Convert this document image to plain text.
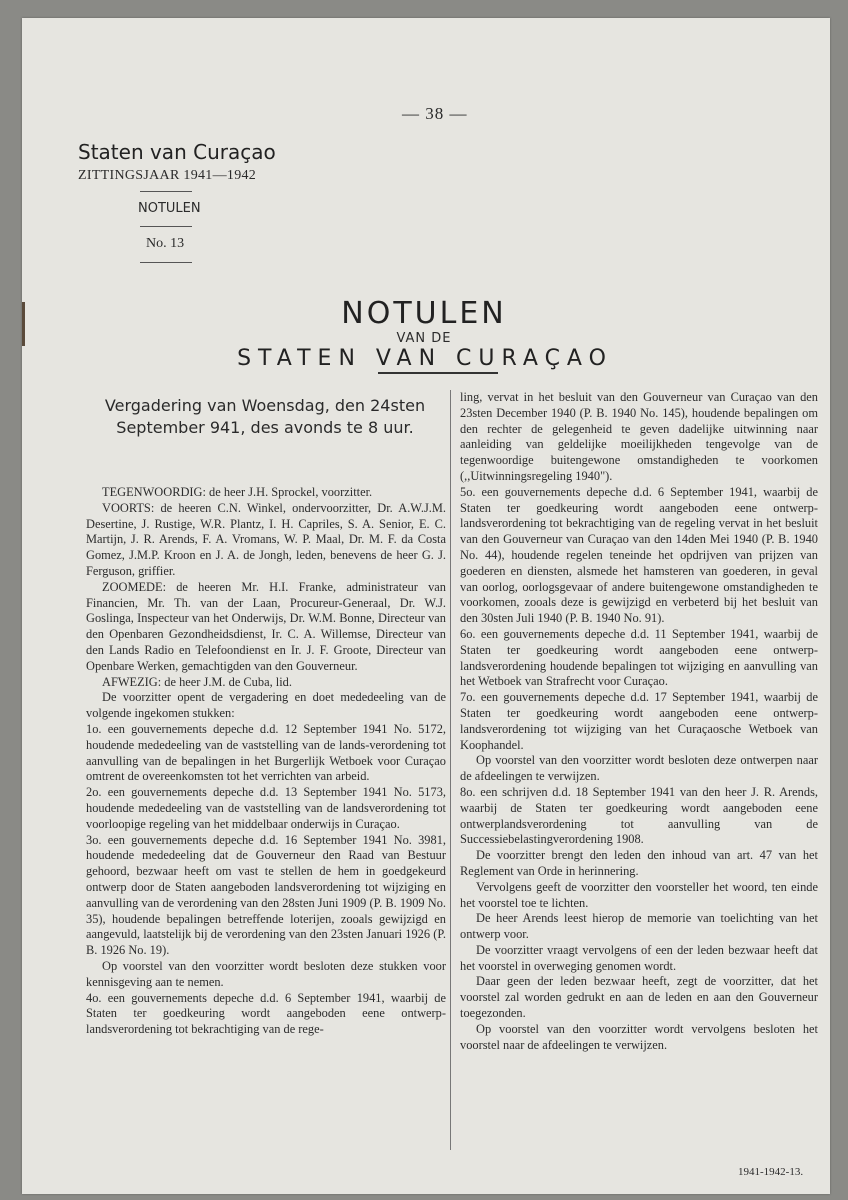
— 38 —
Staten van Curaçao
ZITTINGSJAAR 1941—1942
NOTULEN
No. 13
NOTULEN
VAN DE
STATEN VAN CURAÇAO
Vergadering van Woensdag, den 24sten
September 941, des avonds te 8 uur.

TEGENWOORDIG: de heer J.H. Sprockel, voorzitter.

VOORTS: de heeren C.N. Winkel, ondervoorzitter, Dr. A.W.J.M. Desertine, J. Rustige, W.R. Plantz, I. H. Capriles, S. A. Senior, E. C. Martijn, J. R. Arends, F. A. Vromans, W. P. Maal, Dr. M. F. da Costa Gomez, J.M.P. Kroon en J. A. de Jongh, leden, benevens de heer G. J. Ferguson, griffier.

ZOOMEDE: de heeren Mr. H.I. Franke, administrateur van Financien, Mr. Th. van der Laan, Procureur-Generaal, Dr. W.J. Goslinga, Inspecteur van het Onderwijs, Dr. W.M. Bonne, Directeur van den Openbaren Gezondheidsdienst, Ir. C. A. Willemse, Directeur van den Lands Radio en Telefoondienst en Ir. J. F. Groote, Directeur van Openbare Werken, gemachtigden van den Gouverneur.

AFWEZIG: de heer J.M. de Cuba, lid.

De voorzitter opent de vergadering en doet mededeeling van de volgende ingekomen stukken:

1o. een gouvernements depeche d.d. 12 September 1941 No. 5172, houdende mededeeling van de vaststelling van de lands-verordening tot aanvulling van de bepalingen in het Burgerlijk Wetboek voor Curaçao omtrent de overeenkomsten tot het verrichten van arbeid.

2o. een gouvernements depeche d.d. 13 September 1941 No. 5173, houdende mededeeling van de vaststelling van de landsverordening tot voorloopige regeling van het middelbaar onderwijs in Curaçao.

3o. een gouvernements depeche d.d. 16 September 1941 No. 3981, houdende mededeeling dat de Gouverneur den Raad van Bestuur gehoord, bezwaar heeft om vast te stellen de hem in goedgekeurd ontwerp door de Staten aangeboden landsverordening tot wijziging en aanvulling van de verordening van den 28sten Juni 1909 (P. B. 1909 No. 35), houdende bepalingen betreffende loterijen, zooals gewijzigd en aangevuld, laatstelijk bij de verordening van den 23sten Januari 1926 (P. B. 1926 No. 19).

Op voorstel van den voorzitter wordt besloten deze stukken voor kennisgeving aan te nemen.

4o. een gouvernements depeche d.d. 6 September 1941, waarbij de Staten ter goedkeuring wordt aangeboden eene ontwerp-landsverordening tot bekrachtiging van de rege-

ling, vervat in het besluit van den Gouverneur van Curaçao van den 23sten December 1940 (P. B. 1940 No. 145), houdende bepalingen om den rechter de gelegenheid te geven dadelijke uitwinning naar aanleiding van geldelijke moeilijkheden tengevolge van de tegenwoordige buitengewone omstandigheden te voorkomen (,,Uitwinningsregeling 1940").

5o. een gouvernements depeche d.d. 6 September 1941, waarbij de Staten ter goedkeuring wordt aangeboden eene ontwerp-landsverordening tot bekrachtiging van de regeling vervat in het besluit van den Gouverneur van Curaçao van den 14den Mei 1940 (P. B. 1940 No. 44), houdende regelen teneinde het opdrijven van prijzen van goederen en diensten, alsmede het hamsteren van goederen, in geval van oorlog, oorlogsgevaar of andere buitengewone omstandigheden te voorkomen, zooals deze is gewijzigd en verbeterd bij het besluit van den 30sten Juli 1940 (P. B. 1940 No. 91).

6o. een gouvernements depeche d.d. 11 September 1941, waarbij de Staten ter goedkeuring wordt aangeboden eene ontwerp-landsverordening houdende bepalingen tot wijziging en aanvulling van het Wetboek van Strafrecht voor Curaçao.

7o. een gouvernements depeche d.d. 17 September 1941, waarbij de Staten ter goedkeuring wordt aangeboden eene ontwerp-landsverordening tot wijziging van het Curaçaosche Wetboek van Koophandel.

Op voorstel van den voorzitter wordt besloten deze ontwerpen naar de afdeelingen te verwijzen.

8o. een schrijven d.d. 18 September 1941 van den heer J. R. Arends, waarbij de Staten ter goedkeuring wordt aangeboden eene ontwerplandsverordening tot aanvulling van de Successiebelastingverordening 1908.

De voorzitter brengt den leden den inhoud van art. 47 van het Reglement van Orde in herinnering.

Vervolgens geeft de voorzitter den voorsteller het woord, ten einde het voorstel toe te lichten.

De heer Arends leest hierop de memorie van toelichting van het ontwerp voor.

De voorzitter vraagt vervolgens of een der leden bezwaar heeft dat het voorstel in overweging genomen wordt.

Daar geen der leden bezwaar heeft, zegt de voorzitter, dat het voorstel zal worden gedrukt en aan de leden en aan den Gouverneur toegezonden.

Op voorstel van den voorzitter wordt vervolgens besloten het voorstel naar de afdeelingen te verwijzen.

1941-1942-13.
